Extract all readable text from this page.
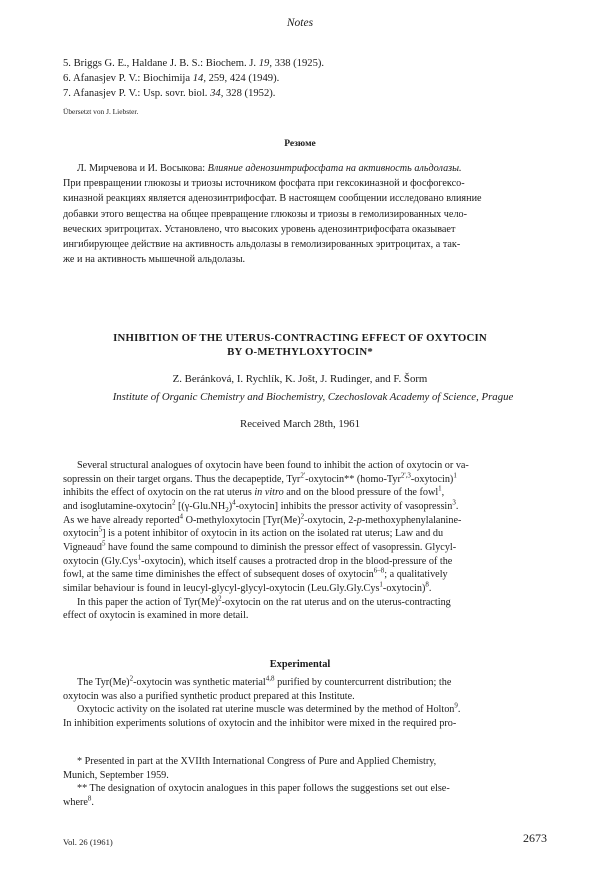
Notes
5. Briggs G. E., Haldane J. B. S.: Biochem. J. 19, 338 (1925).
6. Afanasjev P. V.: Biochimija 14, 259, 424 (1949).
7. Afanasjev P. V.: Usp. sovr. biol. 34, 328 (1952).
Übersetzt von J. Liebster.
Резюме
Л. Мирчевова и И. Восыкова: Влияние аденозинтрифосфата на активность альдолазы.
При превращении глюкозы и триозы источником фосфата при гексокиназной и фосфогексо-
киназной реакциях является аденозинтрифосфат. В настоящем сообщении исследовано влияние
добавки этого вещества на общее превращение глюкозы и триозы в гемолизированных чело-
веческих эритроцитах. Установлено, что высоких уровень аденозинтрифосфата оказывает
ингибирующее действие на активность альдолазы в гемолизированных эритроцитах, а так-
же и на активность мышечной альдолазы.
INHIBITION OF THE UTERUS-CONTRACTING EFFECT OF OXYTOCIN
BY O-METHYLOXYTOCIN*
Z. Beránková, I. Rychlík, K. Jošt, J. Rudinger, and F. Šorm
Institute of Organic Chemistry and Biochemistry, Czechoslovak Academy of Science, Prague
Received March 28th, 1961
Several structural analogues of oxytocin have been found to inhibit the action of oxytocin or va-
sopressin on their target organs. Thus the decapeptide, Tyr$^{2'}$-oxytocin** (homo-Tyr$^{2',3}$-oxytocin)$^1$
inhibits the effect of oxytocin on the rat uterus in vitro and on the blood pressure of the fowl$^1$,
and isoglutamine-oxytocin$^2$ $[(\gamma-Glu.NH_2)^4-oxytocin]$ inhibits the pressor activity of vasopressin$^3$.
As we have already reported$^4$ O-methyloxytocin [$Tyr(Me)^2$-oxytocin, 2-p-methoxyphenylalanine-
oxytocin$^5$] is a potent inhibitor of oxytocin in its action on the isolated rat uterus; Law and du
Vigneaud$^5$ have found the same compound to diminish the pressor effect of vasopressin. Glycyl-
oxytocin (Gly.Cys$^1$-oxytocin), which itself causes a protracted drop in the blood-pressure of the
fowl, at the same time diminishes the effect of subsequent doses of oxytocin$^{6-8}$; a qualitatively
similar behaviour is found in leucyl-glycyl-glycyl-oxytocin (Leu.Gly.Gly.Cys$^1$-oxytocin)$^8$.
In this paper the action of $Tyr(Me)^2$-oxytocin on the rat uterus and on the uterus-contracting
effect of oxytocin is examined in more detail.
Experimental
The $Tyr(Me)^2$-oxytocin was synthetic material$^{4,8}$ purified by countercurrent distribution; the
oxytocin was also a purified synthetic product prepared at this Institute.
Oxytocic activity on the isolated rat uterine muscle was determined by the method of Holton$^9$.
In inhibition experiments solutions of oxytocin and the inhibitor were mixed in the required pro-
* Presented in part at the XVIIth International Congress of Pure and Applied Chemistry,
Munich, September 1959.
** The designation of oxytocin analogues in this paper follows the suggestions set out else-
where$^8$.
Vol. 26 (1961)	2673
